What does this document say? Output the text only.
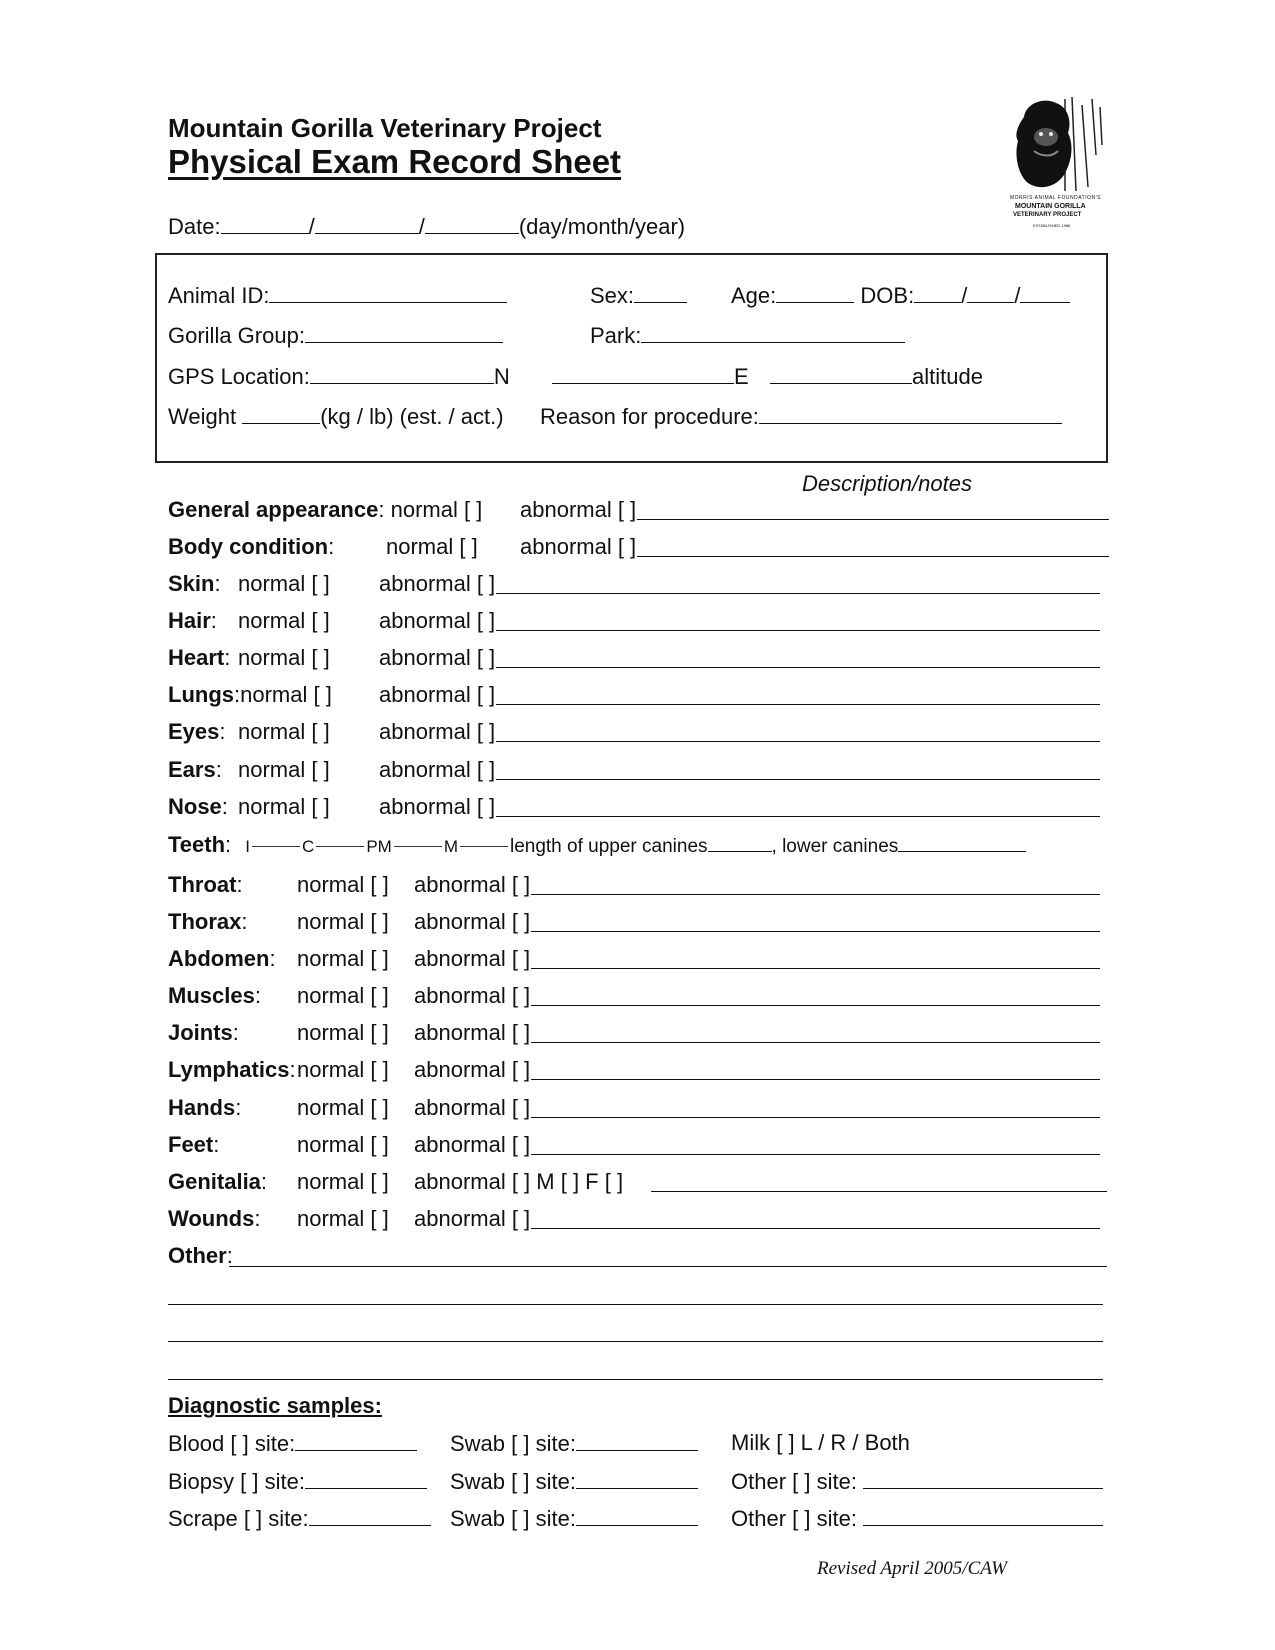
Mountain Gorilla Veterinary Project
Physical Exam Record Sheet
MORRIS ANIMAL FOUNDATION'S
MOUNTAIN GORILLA
VETERINARY PROJECT
ESTABLISHED 1986
Date:	/	/	(day/month/year)
Animal ID:	Sex:	Age:	DOB: / /
Gorilla Group:	Park:
GPS Location:	N	E	altitude
Weight	(kg / lb) (est. / act.) Reason for procedure:
Description/notes
General appearance: normal [ ] abnormal [ ]
Body condition: normal [ ] abnormal [ ]
Skin: normal [ ] abnormal [ ]
Hair: normal [ ] abnormal [ ]
Heart: normal [ ] abnormal [ ]
Lungs:normal [ ] abnormal [ ]
Eyes: normal [ ] abnormal [ ]
Ears: normal [ ] abnormal [ ]
Nose: normal [ ] abnormal [ ]
Teeth: I	C	PM	M	length of upper canines	, lower canines
Throat: normal [ ] abnormal [ ]
Thorax: normal [ ] abnormal [ ]
Abdomen: normal [ ] abnormal [ ]
Muscles: normal [ ] abnormal [ ]
Joints:	normal [ ] abnormal [ ]
Lymphatics: normal [ ] abnormal [ ]
Hands:	normal [ ] abnormal [ ]
Feet:	normal [ ] abnormal [ ]
Genitalia: normal [ ] abnormal [ ] M [ ] F [ ]
Wounds: normal [ ] abnormal [ ]
Other:
Diagnostic samples:
Blood [ ] site:	Swab [ ] site:	Milk [ ] L / R / Both
Biopsy [ ] site:	Swab [ ] site:	Other [ ] site:
Scrape [ ] site:	Swab [ ] site:	Other [ ] site:
Revised April 2005/CAW
